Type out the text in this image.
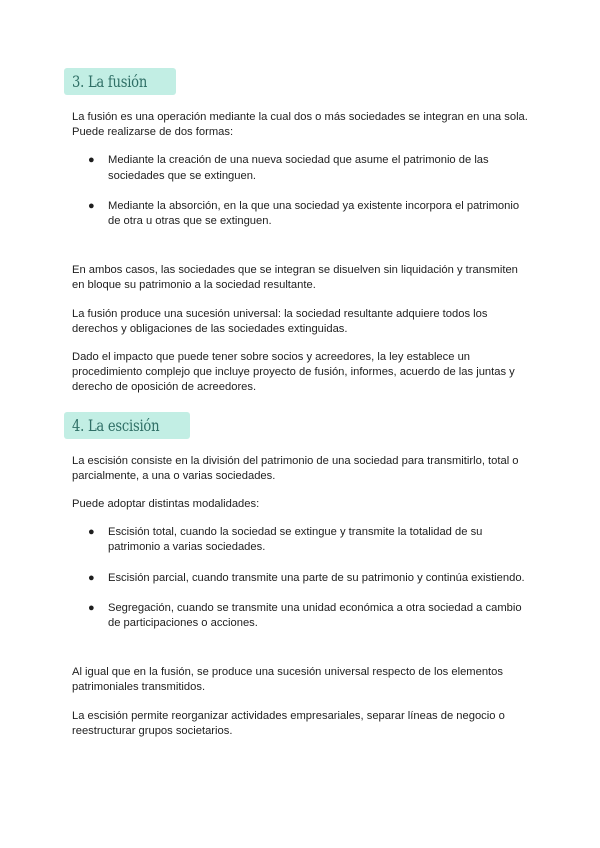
3. La fusión

La fusión es una operación mediante la cual dos o más sociedades se integran en una sola. Puede realizarse de dos formas:

● Mediante la creación de una nueva sociedad que asume el patrimonio de las sociedades que se extinguen.
● Mediante la absorción, en la que una sociedad ya existente incorpora el patrimonio de otra u otras que se extinguen.

En ambos casos, las sociedades que se integran se disuelven sin liquidación y transmiten en bloque su patrimonio a la sociedad resultante.

La fusión produce una sucesión universal: la sociedad resultante adquiere todos los derechos y obligaciones de las sociedades extinguidas.

Dado el impacto que puede tener sobre socios y acreedores, la ley establece un procedimiento complejo que incluye proyecto de fusión, informes, acuerdo de las juntas y derecho de oposición de acreedores.

4. La escisión

La escisión consiste en la división del patrimonio de una sociedad para transmitirlo, total o parcialmente, a una o varias sociedades.

Puede adoptar distintas modalidades:

● Escisión total, cuando la sociedad se extingue y transmite la totalidad de su patrimonio a varias sociedades.
● Escisión parcial, cuando transmite una parte de su patrimonio y continúa existiendo.
● Segregación, cuando se transmite una unidad económica a otra sociedad a cambio de participaciones o acciones.

Al igual que en la fusión, se produce una sucesión universal respecto de los elementos patrimoniales transmitidos.

La escisión permite reorganizar actividades empresariales, separar líneas de negocio o reestructurar grupos societarios.
